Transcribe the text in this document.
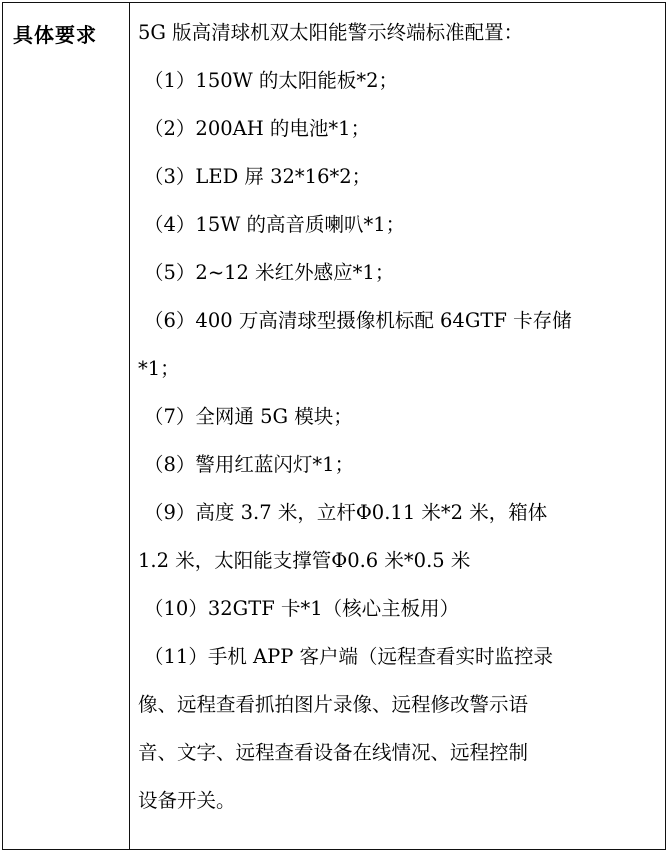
具体要求	5G 版高清球机双太阳能警示终端标准配置：
（1）150W 的太阳能板*2；
（2）200AH 的电池*1；
（3）LED 屏 32*16*2；
（4）15W 的高音质喇叭*1；
（5）2~12 米红外感应*1；
（6）400 万高清球型摄像机标配 64GTF 卡存储
*1；
（7）全网通 5G 模块；
（8）警用红蓝闪灯*1；
（9）高度 3.7 米，立杆Φ0.11 米*2 米，箱体
1.2 米，太阳能支撑管Φ0.6 米*0.5 米
（10）32GTF 卡*1（核心主板用）
（11）手机 APP 客户端（远程查看实时监控录
像、远程查看抓拍图片录像、远程修改警示语
音、文字、远程查看设备在线情况、远程控制
设备开关。
